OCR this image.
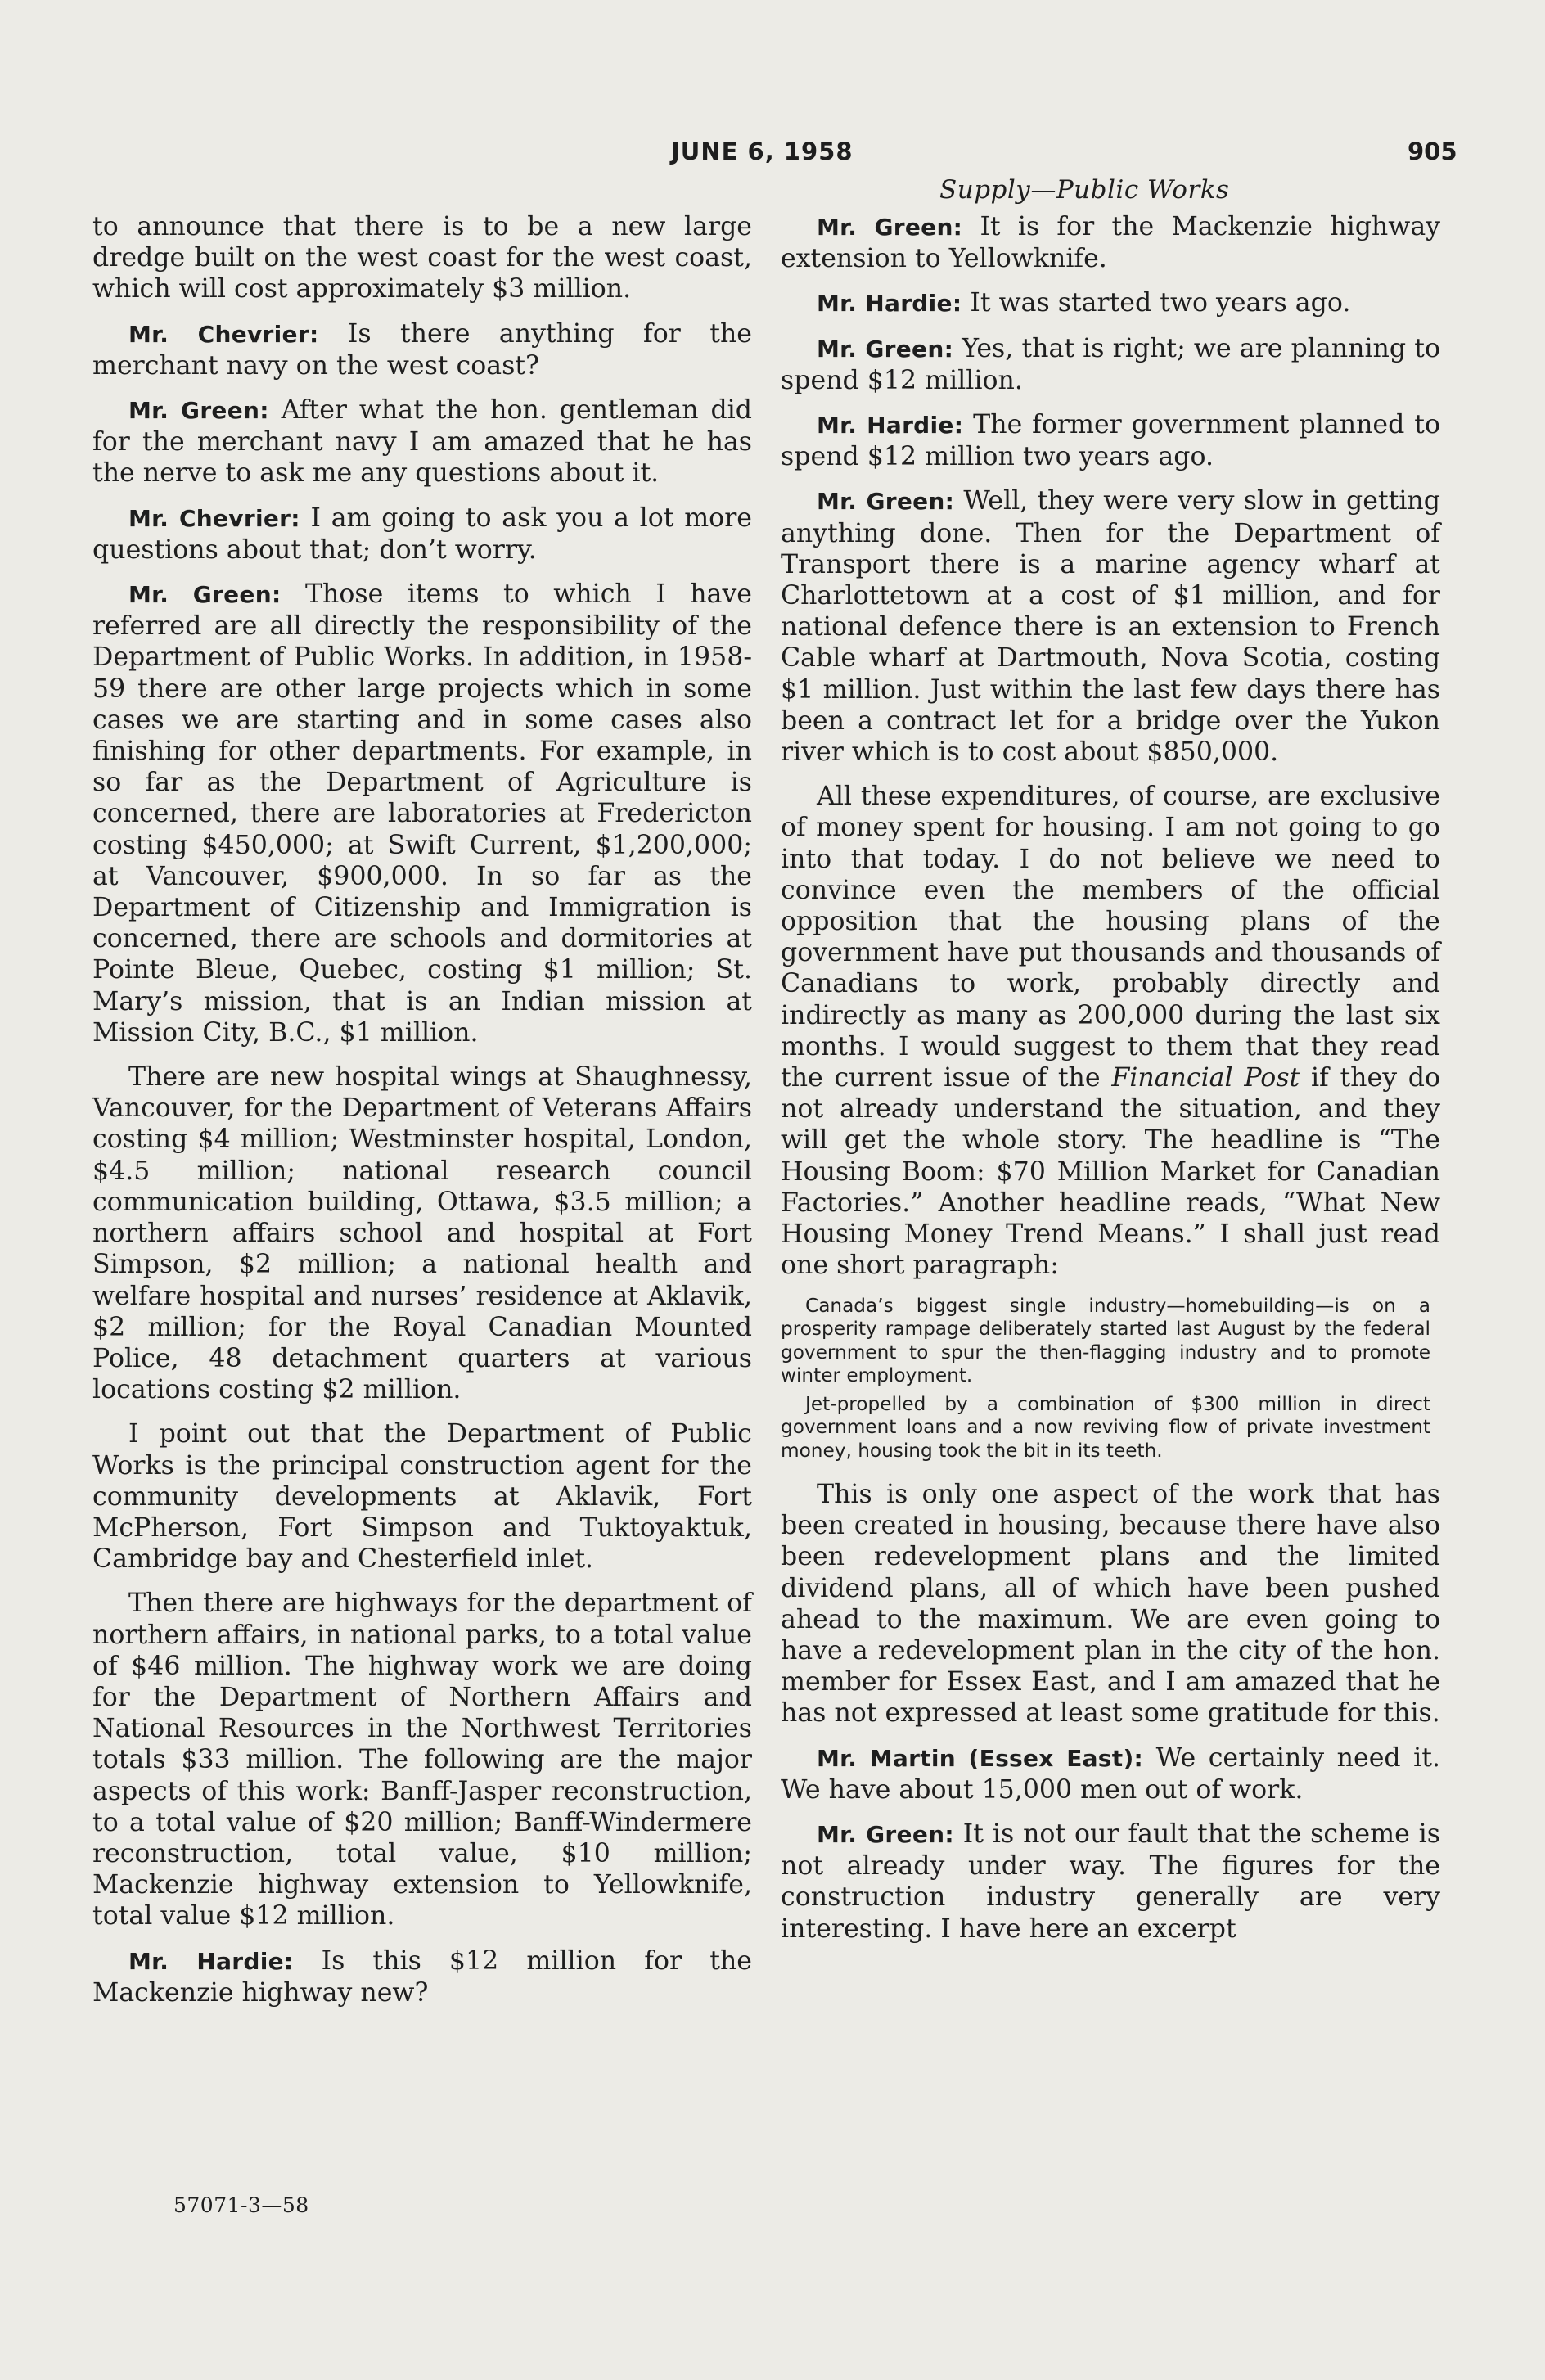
JUNE 6, 1958	905
Supply—Public Works

to announce that there is to be a new large dredge built on the west coast for the west coast, which will cost approximately $3 million.

Mr. Chevrier: Is there anything for the merchant navy on the west coast?

Mr. Green: After what the hon. gentleman did for the merchant navy I am amazed that he has the nerve to ask me any questions about it.

Mr. Chevrier: I am going to ask you a lot more questions about that; don’t worry.

Mr. Green: Those items to which I have referred are all directly the responsibility of the Department of Public Works. In addition, in 1958-59 there are other large projects which in some cases we are starting and in some cases also finishing for other departments. For example, in so far as the Department of Agriculture is concerned, there are laboratories at Fredericton costing $450,000; at Swift Current, $1,200,000; at Vancouver, $900,000. In so far as the Department of Citizenship and Immigration is concerned, there are schools and dormitories at Pointe Bleue, Quebec, costing $1 million; St. Mary’s mission, that is an Indian mission at Mission City, B.C., $1 million.

There are new hospital wings at Shaughnessy, Vancouver, for the Department of Veterans Affairs costing $4 million; Westminster hospital, London, $4.5 million; national research council communication building, Ottawa, $3.5 million; a northern affairs school and hospital at Fort Simpson, $2 million; a national health and welfare hospital and nurses’ residence at Aklavik, $2 million; for the Royal Canadian Mounted Police, 48 detachment quarters at various locations costing $2 million.

I point out that the Department of Public Works is the principal construction agent for the community developments at Aklavik, Fort McPherson, Fort Simpson and Tuktoyaktuk, Cambridge bay and Chesterfield inlet.

Then there are highways for the department of northern affairs, in national parks, to a total value of $46 million. The highway work we are doing for the Department of Northern Affairs and National Resources in the Northwest Territories totals $33 million. The following are the major aspects of this work: Banff-Jasper reconstruction, to a total value of $20 million; Banff-Windermere reconstruction, total value, $10 million; Mackenzie highway extension to Yellowknife, total value $12 million.

Mr. Hardie: Is this $12 million for the Mackenzie highway new?

Mr. Green: It is for the Mackenzie highway extension to Yellowknife.

Mr. Hardie: It was started two years ago.

Mr. Green: Yes, that is right; we are planning to spend $12 million.

Mr. Hardie: The former government planned to spend $12 million two years ago.

Mr. Green: Well, they were very slow in getting anything done. Then for the Department of Transport there is a marine agency wharf at Charlottetown at a cost of $1 million, and for national defence there is an extension to French Cable wharf at Dartmouth, Nova Scotia, costing $1 million. Just within the last few days there has been a contract let for a bridge over the Yukon river which is to cost about $850,000.

All these expenditures, of course, are exclusive of money spent for housing. I am not going to go into that today. I do not believe we need to convince even the members of the official opposition that the housing plans of the government have put thousands and thousands of Canadians to work, probably directly and indirectly as many as 200,000 during the last six months. I would suggest to them that they read the current issue of the Financial Post if they do not already understand the situation, and they will get the whole story. The headline is “The Housing Boom: $70 Million Market for Canadian Factories.” Another headline reads, “What New Housing Money Trend Means.” I shall just read one short paragraph:

Canada’s biggest single industry—homebuilding—is on a prosperity rampage deliberately started last August by the federal government to spur the then-flagging industry and to promote winter employment.

Jet-propelled by a combination of $300 million in direct government loans and a now reviving flow of private investment money, housing took the bit in its teeth.

This is only one aspect of the work that has been created in housing, because there have also been redevelopment plans and the limited dividend plans, all of which have been pushed ahead to the maximum. We are even going to have a redevelopment plan in the city of the hon. member for Essex East, and I am amazed that he has not expressed at least some gratitude for this.

Mr. Martin (Essex East): We certainly need it. We have about 15,000 men out of work.

Mr. Green: It is not our fault that the scheme is not already under way. The figures for the construction industry generally are very interesting. I have here an excerpt

57071-3—58
